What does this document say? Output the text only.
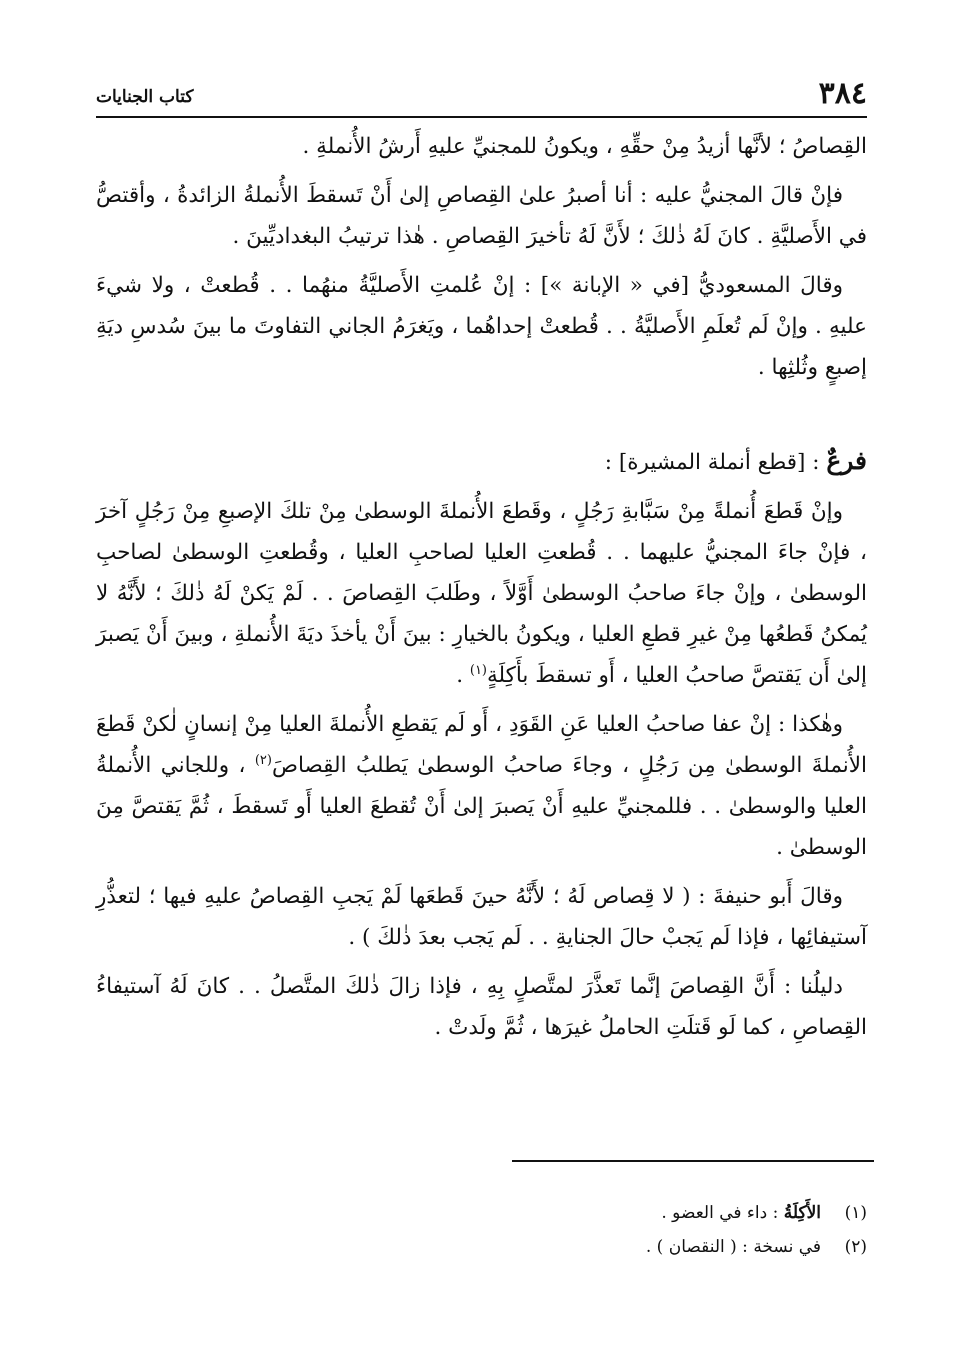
٣٨٤
كتاب الجنايات

القِصاصُ ؛ لأنَّها أزيدُ مِنْ حقِّهِ ، ويكونُ للمجنيِّ عليهِ أَرشُ الأُنملةِ .

فإنْ قالَ المجنيُّ عليه : أنا أصبرُ علىٰ القِصاصِ إلىٰ أَنْ تَسقطَ الأُنملةُ الزائدةُ ، وأقتصُّ في الأَصليَّةِ . كانَ لَهُ ذٰلكَ ؛ لأَنَّ لَهُ تأخيرَ القِصاصِ . هٰذا ترتيبُ البغداديِّينَ .

وقالَ المسعوديُّ [في « الإبانة »] : إنْ عُلمتِ الأَصليَّةُ منهُما . . قُطعتْ ، ولا شيءَ عليهِ . وإنْ لَم تُعلَمِ الأَصليَّةُ . . قُطعتْ إحداهُما ، ويَغرَمُ الجاني التفاوتَ ما بينَ سُدسِ ديَةِ إصبعٍ وثُلثِها .

فرعٌ : [قطع أنملة المشيرة] :

وإنْ قَطعَ أُنملةً مِنْ سَبَّابةِ رَجُلٍ ، وقَطعَ الأُنملةَ الوسطىٰ مِنْ تلكَ الإصبعِ مِنْ رَجُلٍ آخرَ ، فإنْ جاءَ المجنيُّ عليهما . . قُطعتِ العليا لصاحبِ العليا ، وقُطعتِ الوسطىٰ لصاحبِ الوسطىٰ ، وإنْ جاءَ صاحبُ الوسطىٰ أَوَّلاً ، وطَلبَ القِصاصَ . . لَمْ يَكنْ لَهُ ذٰلكَ ؛ لأَنَّهُ لا يُمكنُ قَطعُها مِنْ غيرِ قطعِ العليا ، ويكونُ بالخيارِ : بينَ أَنْ يأخذَ ديَةَ الأُنملةِ ، وبينَ أَنْ يَصبرَ إلىٰ أَن يَقتصَّ صاحبُ العليا ، أَو تسقطَ بأَكِلَةٍ$^{(١)}$ .

وهٰكذا : إنْ عفا صاحبُ العليا عَنِ القَوَدِ ، أَو لَم يَقطعِ الأُنملةَ العليا مِنْ إنسانٍ لٰكنْ قَطعَ الأُنملةَ الوسطىٰ مِن رَجُلٍ ، وجاءَ صاحبُ الوسطىٰ يَطلبُ القِصاصَ$^{(٢)}$ ، وللجاني الأُنملةُ العليا والوسطىٰ . . فللمجنيِّ عليهِ أَنْ يَصبرَ إلىٰ أَنْ تُقطعَ العليا أَو تَسقطَ ، ثُمَّ يَقتصَّ مِنَ الوسطىٰ .

وقالَ أَبو حنيفةَ : ( لا قِصاص لَهُ ؛ لأَنَّهُ حينَ قَطعَها لَمْ يَجبِ القِصاصُ عليهِ فيها ؛ لتعذُّرِ آستيفائِها ، فإذا لَم يَجبْ حالَ الجنايةِ . . لَم يَجب بعدَ ذٰلكَ ) .

دليلُنا : أَنَّ القِصاصَ إنَّما تَعذَّرَ لمتَّصلٍ بِهِ ، فإذا زالَ ذٰلكَ المتَّصلُ . . كانَ لَهُ آستيفاءُ القِصاصِ ، كما لَو قَتلَتِ الحاملُ غيرَها ، ثُمَّ ولَدتْ .

(١)الأَكِلَةُ : داء في العضو .
(٢)في نسخة : ( النقصان ) .
